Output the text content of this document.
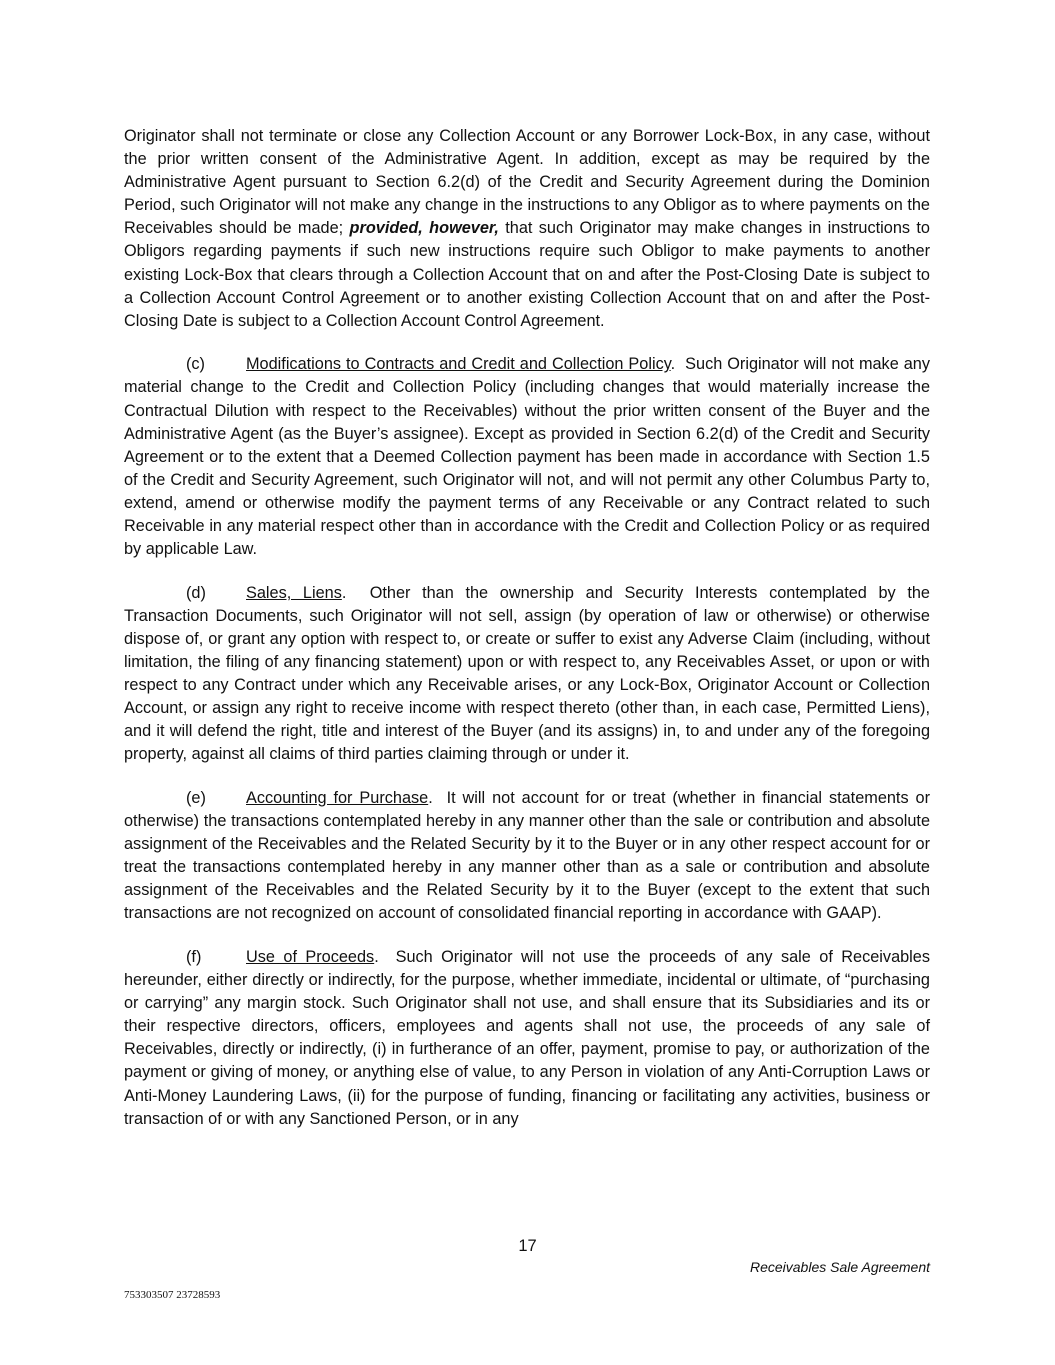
Originator shall not terminate or close any Collection Account or any Borrower Lock-Box, in any case, without the prior written consent of the Administrative Agent. In addition, except as may be required by the Administrative Agent pursuant to Section 6.2(d) of the Credit and Security Agreement during the Dominion Period, such Originator will not make any change in the instructions to any Obligor as to where payments on the Receivables should be made; provided, however, that such Originator may make changes in instructions to Obligors regarding payments if such new instructions require such Obligor to make payments to another existing Lock-Box that clears through a Collection Account that on and after the Post-Closing Date is subject to a Collection Account Control Agreement or to another existing Collection Account that on and after the Post-Closing Date is subject to a Collection Account Control Agreement.

(c)	Modifications to Contracts and Credit and Collection Policy.  Such Originator will not make any material change to the Credit and Collection Policy (including changes that would materially increase the Contractual Dilution with respect to the Receivables) without the prior written consent of the Buyer and the Administrative Agent (as the Buyer’s assignee). Except as provided in Section 6.2(d) of the Credit and Security Agreement or to the extent that a Deemed Collection payment has been made in accordance with Section 1.5 of the Credit and Security Agreement, such Originator will not, and will not permit any other Columbus Party to, extend, amend or otherwise modify the payment terms of any Receivable or any Contract related to such Receivable in any material respect other than in accordance with the Credit and Collection Policy or as required by applicable Law.

(d) Sales, Liens.  Other than the ownership and Security Interests contemplated by the Transaction Documents, such Originator will not sell, assign (by operation of law or otherwise) or otherwise dispose of, or grant any option with respect to, or create or suffer to exist any Adverse Claim (including, without limitation, the filing of any financing statement) upon or with respect to, any Receivables Asset, or upon or with respect to any Contract under which any Receivable arises, or any Lock-Box, Originator Account or Collection Account, or assign any right to receive income with respect thereto (other than, in each case, Permitted Liens), and it will defend the right, title and interest of the Buyer (and its assigns) in, to and under any of the foregoing property, against all claims of third parties claiming through or under it.

(e) Accounting for Purchase.  It will not account for or treat (whether in financial statements or otherwise) the transactions contemplated hereby in any manner other than the sale or contribution and absolute assignment of the Receivables and the Related Security by it to the Buyer or in any other respect account for or treat the transactions contemplated hereby in any manner other than as a sale or contribution and absolute assignment of the Receivables and the Related Security by it to the Buyer (except to the extent that such transactions are not recognized on account of consolidated financial reporting in accordance with GAAP).

(f)	Use of Proceeds.  Such Originator will not use the proceeds of any sale of Receivables hereunder, either directly or indirectly, for the purpose, whether immediate, incidental or ultimate, of “purchasing or carrying” any margin stock. Such Originator shall not use, and shall ensure that its Subsidiaries and its or their respective directors, officers, employees and agents shall not use, the proceeds of any sale of Receivables, directly or indirectly, (i) in furtherance of an offer, payment, promise to pay, or authorization of the payment or giving of money, or anything else of value, to any Person in violation of any Anti-Corruption Laws or Anti-Money Laundering Laws, (ii) for the purpose of funding, financing or facilitating any activities, business or transaction of or with any Sanctioned Person, or in any

17
Receivables Sale Agreement
753303507 23728593
